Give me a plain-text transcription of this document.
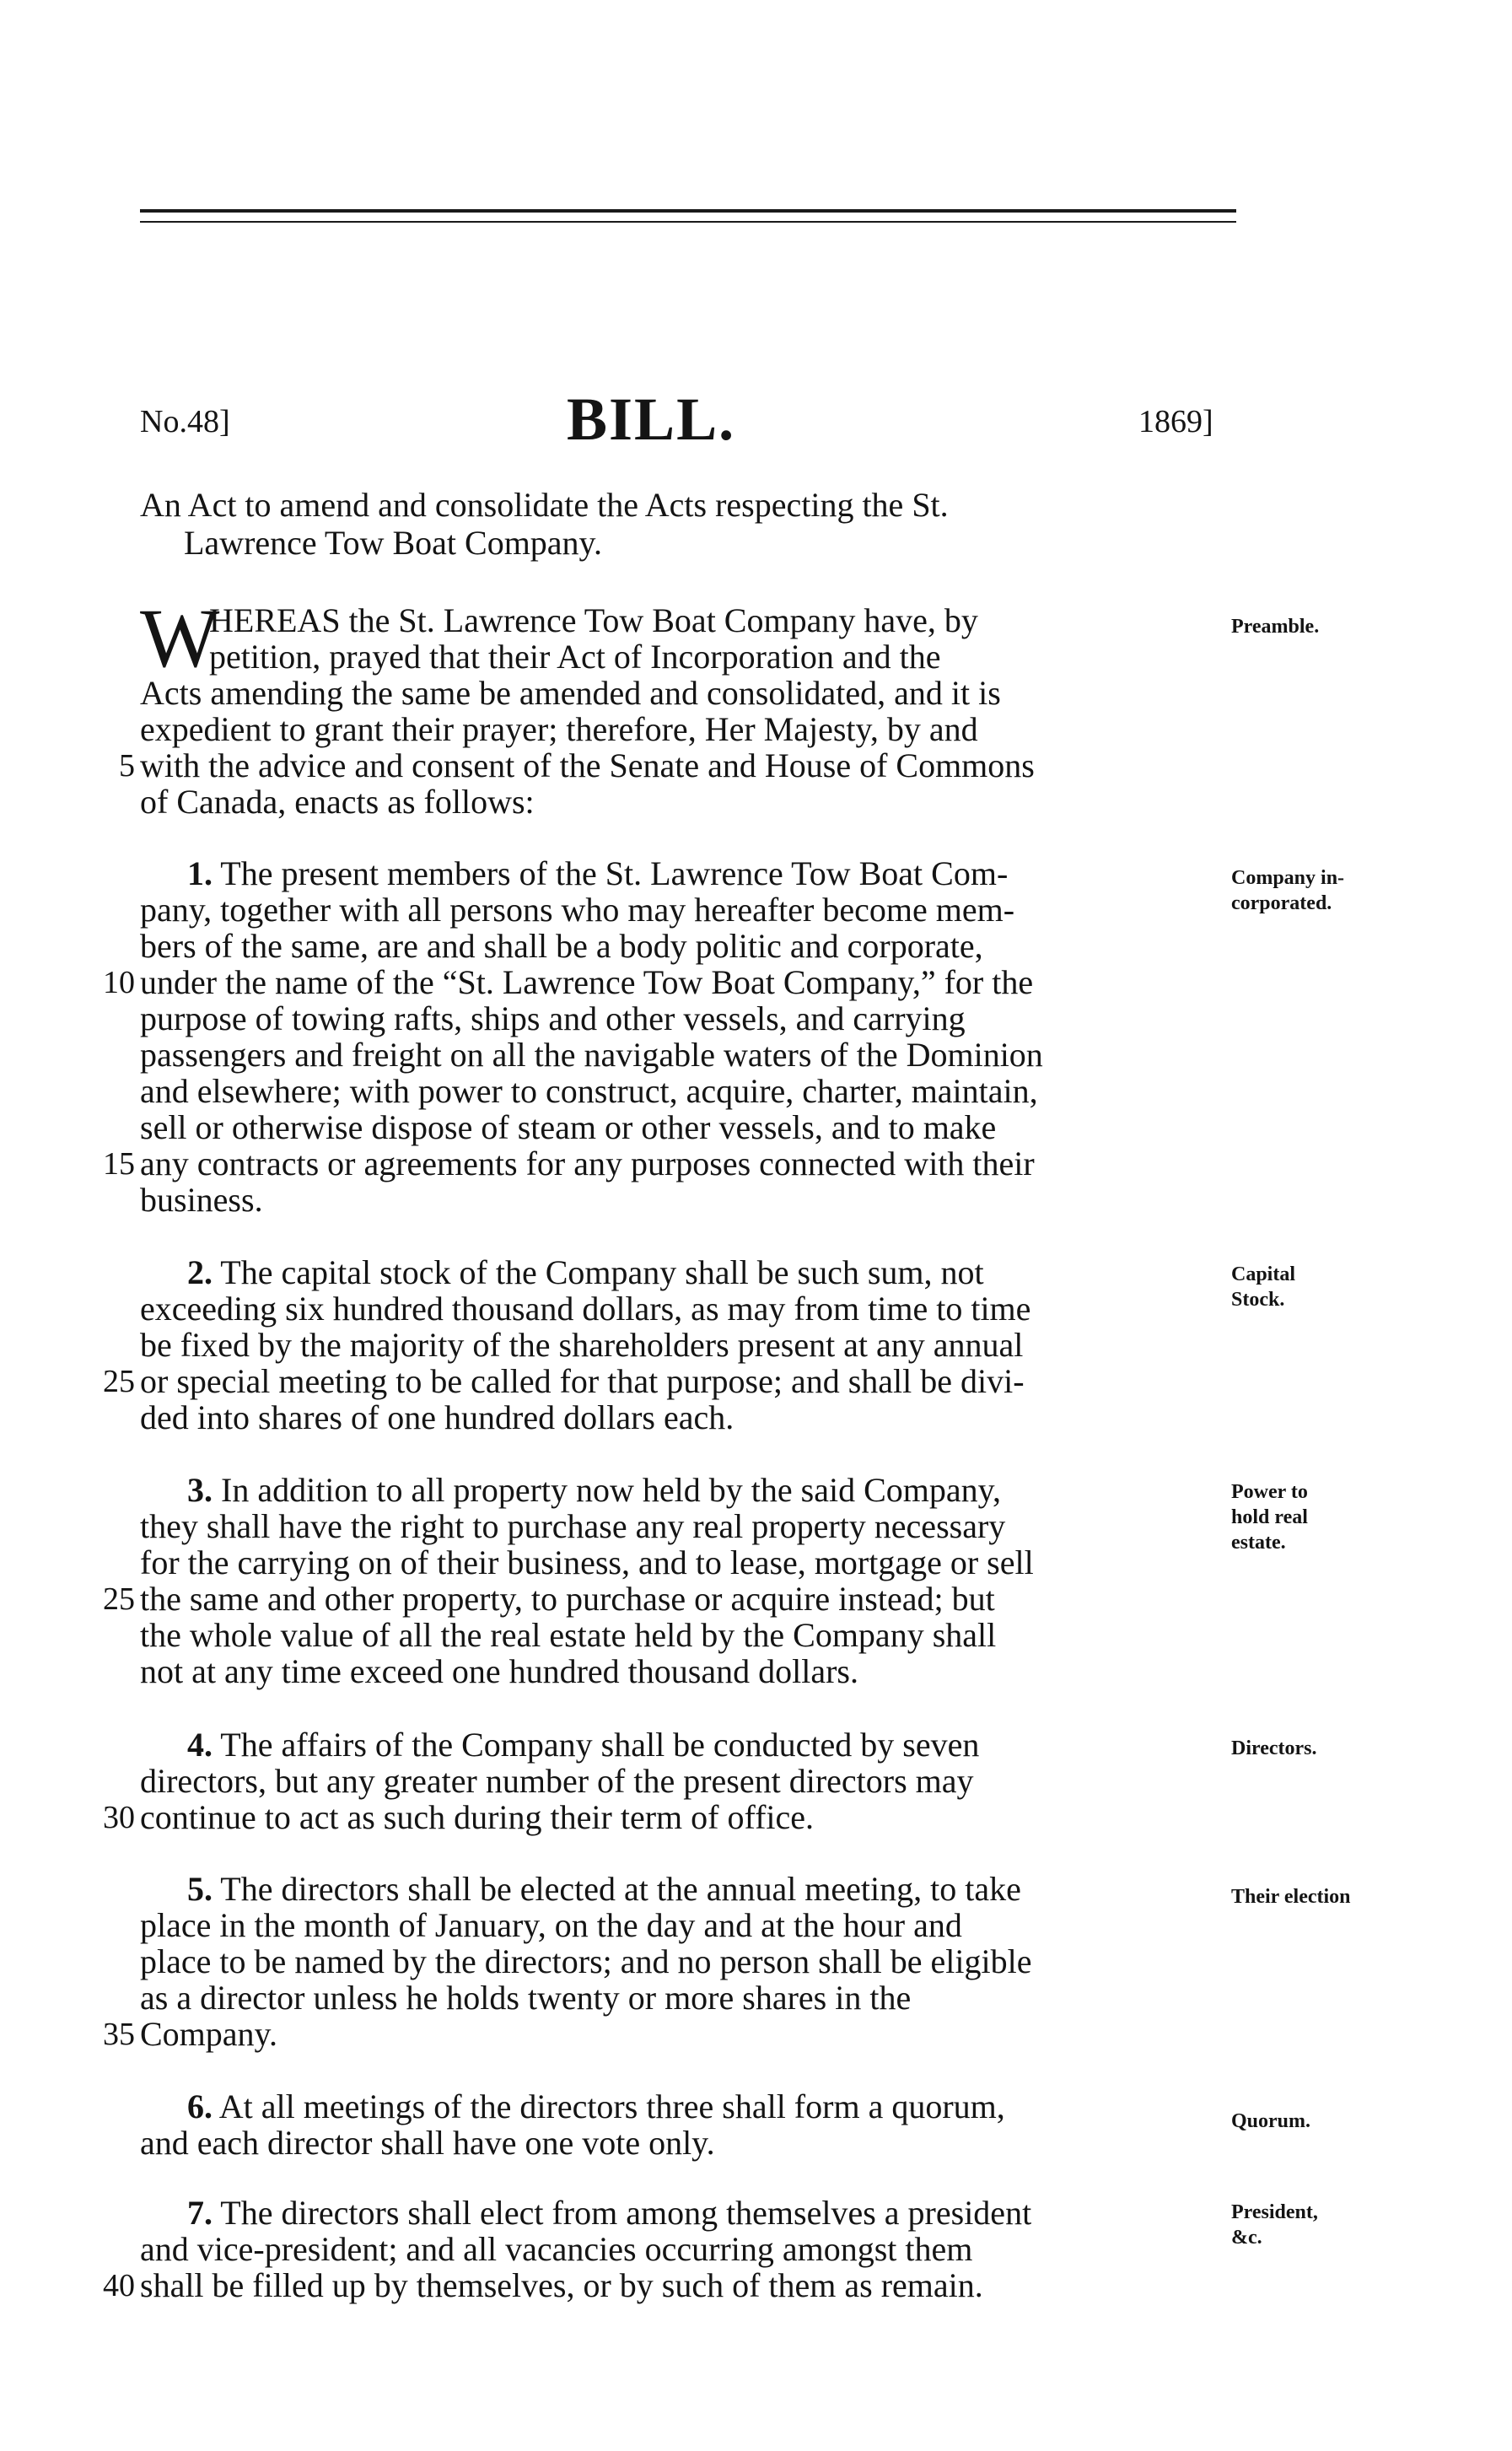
No.48]	BILL.	1869]
An Act to amend and consolidate the Acts respecting the St.
Lawrence Tow Boat Company.
W
HEREAS the St. Lawrence Tow Boat Company have, by
petition, prayed that their Act of Incorporation and the
Acts amending the same be amended and consolidated, and it is
expedient to grant their prayer; therefore, Her Majesty, by and
with the advice and consent of the Senate and House of Commons
of Canada, enacts as follows:
5
Preamble.
1. The present members of the St. Lawrence Tow Boat Com-
pany, together with all persons who may hereafter become mem-
bers of the same, are and shall be a body politic and corporate,
under the name of the “St. Lawrence Tow Boat Company,” for the
purpose of towing rafts, ships and other vessels, and carrying
passengers and freight on all the navigable waters of the Dominion
and elsewhere; with power to construct, acquire, charter, maintain,
sell or otherwise dispose of steam or other vessels, and to make
any contracts or agreements for any purposes connected with their
business.
10
15
Company in-
corporated.
2. The capital stock of the Company shall be such sum, not
exceeding six hundred thousand dollars, as may from time to time
be fixed by the majority of the shareholders present at any annual
or special meeting to be called for that purpose; and shall be divi-
ded into shares of one hundred dollars each.
25
Capital
Stock.
3. In addition to all property now held by the said Company,
they shall have the right to purchase any real property necessary
for the carrying on of their business, and to lease, mortgage or sell
the same and other property, to purchase or acquire instead; but
the whole value of all the real estate held by the Company shall
not at any time exceed one hundred thousand dollars.
25
Power to
hold real
estate.
4. The affairs of the Company shall be conducted by seven
directors, but any greater number of the present directors may
continue to act as such during their term of office.
30
Directors.
5. The directors shall be elected at the annual meeting, to take
place in the month of January, on the day and at the hour and
place to be named by the directors; and no person shall be eligible
as a director unless he holds twenty or more shares in the
Company.
35
Their election
6. At all meetings of the directors three shall form a quorum,
and each director shall have one vote only.
Quorum.
7. The directors shall elect from among themselves a president
and vice-president; and all vacancies occurring amongst them
shall be filled up by themselves, or by such of them as remain.
40
President,
&c.
